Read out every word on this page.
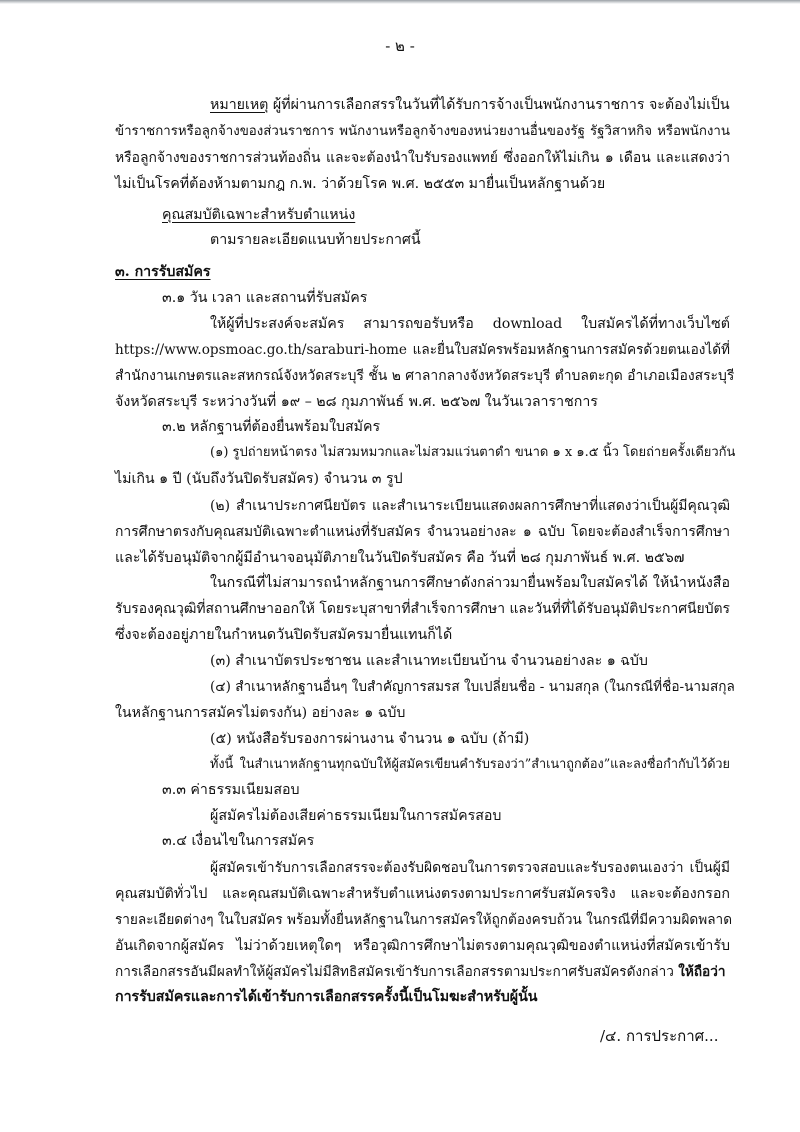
- ๒ -
หมายเหตุ ผู้ที่ผ่านการเลือกสรรในวันที่ได้รับการจ้างเป็นพนักงานราชการ จะต้องไม่เป็น
ข้าราชการหรือลูกจ้างของส่วนราชการ พนักงานหรือลูกจ้างของหน่วยงานอื่นของรัฐ รัฐวิสาหกิจ หรือพนักงาน
หรือลูกจ้างของราชการส่วนท้องถิ่น และจะต้องนำใบรับรองแพทย์ ซึ่งออกให้ไม่เกิน ๑ เดือน และแสดงว่า
ไม่เป็นโรคที่ต้องห้ามตามกฎ ก.พ. ว่าด้วยโรค พ.ศ. ๒๕๕๓ มายื่นเป็นหลักฐานด้วย
คุณสมบัติเฉพาะสำหรับตำแหน่ง
ตามรายละเอียดแนบท้ายประกาศนี้
๓. การรับสมัคร
๓.๑ วัน เวลา และสถานที่รับสมัคร
ให้ผู้ที่ประสงค์จะสมัคร สามารถขอรับหรือ download ใบสมัครได้ที่ทางเว็บไซต์
https://www.opsmoac.go.th/saraburi-home และยื่นใบสมัครพร้อมหลักฐานการสมัครด้วยตนเองได้ที่
สำนักงานเกษตรและสหกรณ์จังหวัดสระบุรี ชั้น ๒ ศาลากลางจังหวัดสระบุรี ตำบลตะกุด อำเภอเมืองสระบุรี
จังหวัดสระบุรี ระหว่างวันที่ ๑๙ – ๒๘ กุมภาพันธ์ พ.ศ. ๒๕๖๗ ในวันเวลาราชการ
๓.๒ หลักฐานที่ต้องยื่นพร้อมใบสมัคร
(๑) รูปถ่ายหน้าตรง ไม่สวมหมวกและไม่สวมแว่นตาดำ ขนาด ๑ x ๑.๕ นิ้ว โดยถ่ายครั้งเดียวกัน
ไม่เกิน ๑ ปี (นับถึงวันปิดรับสมัคร) จำนวน ๓ รูป
(๒) สำเนาประกาศนียบัตร และสำเนาระเบียนแสดงผลการศึกษาที่แสดงว่าเป็นผู้มีคุณวุฒิ
การศึกษาตรงกับคุณสมบัติเฉพาะตำแหน่งที่รับสมัคร จำนวนอย่างละ ๑ ฉบับ โดยจะต้องสำเร็จการศึกษา
และได้รับอนุมัติจากผู้มีอำนาจอนุมัติภายในวันปิดรับสมัคร คือ วันที่ ๒๘ กุมภาพันธ์ พ.ศ. ๒๕๖๗
ในกรณีที่ไม่สามารถนำหลักฐานการศึกษาดังกล่าวมายื่นพร้อมใบสมัครได้ ให้นำหนังสือ
รับรองคุณวุฒิที่สถานศึกษาออกให้ โดยระบุสาขาที่สำเร็จการศึกษา และวันที่ที่ได้รับอนุมัติประกาศนียบัตร
ซึ่งจะต้องอยู่ภายในกำหนดวันปิดรับสมัครมายื่นแทนก็ได้
(๓) สำเนาบัตรประชาชน และสำเนาทะเบียนบ้าน จำนวนอย่างละ ๑ ฉบับ
(๔) สำเนาหลักฐานอื่นๆ ใบสำคัญการสมรส ใบเปลี่ยนชื่อ - นามสกุล (ในกรณีที่ชื่อ-นามสกุล
ในหลักฐานการสมัครไม่ตรงกัน) อย่างละ ๑ ฉบับ
(๕) หนังสือรับรองการผ่านงาน จำนวน ๑ ฉบับ (ถ้ามี)
ทั้งนี้ ในสำเนาหลักฐานทุกฉบับให้ผู้สมัครเขียนคำรับรองว่า”สำเนาถูกต้อง”และลงชื่อกำกับไว้ด้วย
๓.๓ ค่าธรรมเนียมสอบ
ผู้สมัครไม่ต้องเสียค่าธรรมเนียมในการสมัครสอบ
๓.๔ เงื่อนไขในการสมัคร
ผู้สมัครเข้ารับการเลือกสรรจะต้องรับผิดชอบในการตรวจสอบและรับรองตนเองว่า เป็นผู้มี
คุณสมบัติทั่วไป และคุณสมบัติเฉพาะสำหรับตำแหน่งตรงตามประกาศรับสมัครจริง และจะต้องกรอก
รายละเอียดต่างๆ ในใบสมัคร พร้อมทั้งยื่นหลักฐานในการสมัครให้ถูกต้องครบถ้วน ในกรณีที่มีความผิดพลาด
อันเกิดจากผู้สมัคร ไม่ว่าด้วยเหตุใดๆ หรือวุฒิการศึกษาไม่ตรงตามคุณวุฒิของตำแหน่งที่สมัครเข้ารับ
การเลือกสรรอันมีผลทำให้ผู้สมัครไม่มีสิทธิสมัครเข้ารับการเลือกสรรตามประกาศรับสมัครดังกล่าว ให้ถือว่า
การรับสมัครและการได้เข้ารับการเลือกสรรครั้งนี้เป็นโมฆะสำหรับผู้นั้น
/๔. การประกาศ...
